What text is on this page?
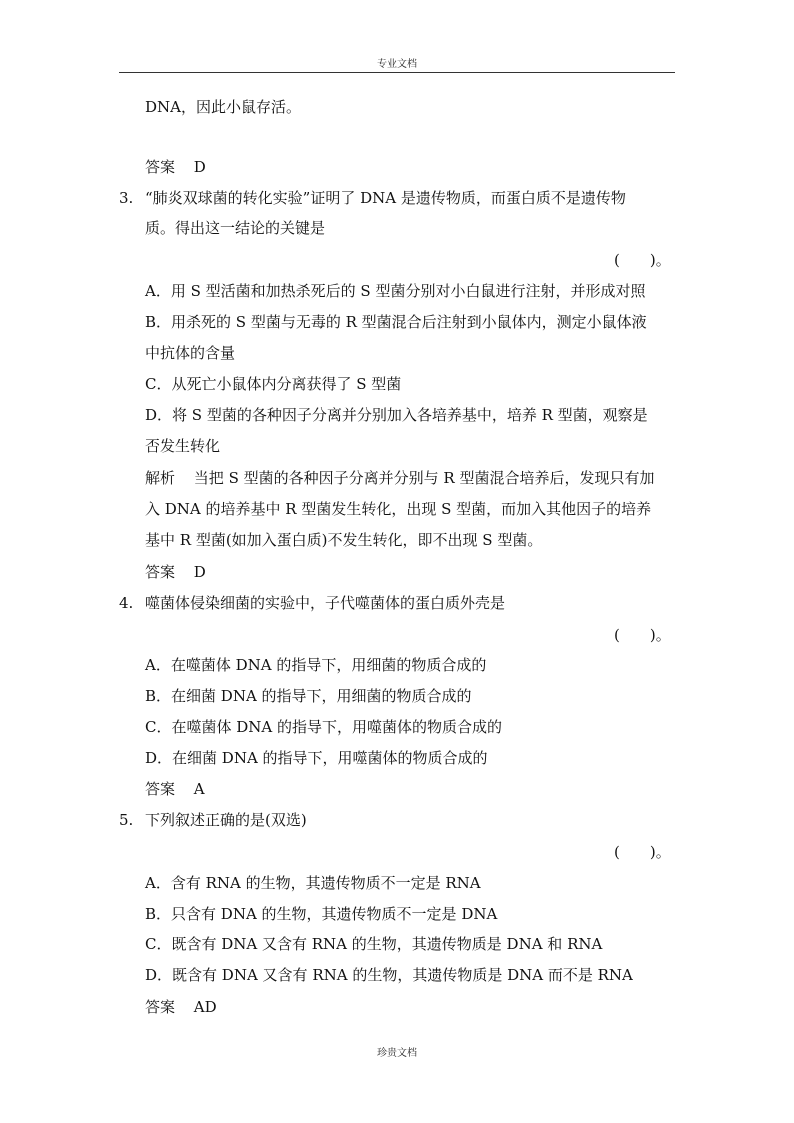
专业文档
DNA，因此小鼠存活。
答案 D
3. “肺炎双球菌的转化实验”证明了 DNA 是遗传物质，而蛋白质不是遗传物
质。得出这一结论的关键是
(　　)。
A．用 S 型活菌和加热杀死后的 S 型菌分别对小白鼠进行注射，并形成对照
B．用杀死的 S 型菌与无毒的 R 型菌混合后注射到小鼠体内，测定小鼠体液
中抗体的含量
C．从死亡小鼠体内分离获得了 S 型菌
D．将 S 型菌的各种因子分离并分别加入各培养基中，培养 R 型菌，观察是
否发生转化
解析 当把 S 型菌的各种因子分离并分别与 R 型菌混合培养后，发现只有加
入 DNA 的培养基中 R 型菌发生转化，出现 S 型菌，而加入其他因子的培养
基中 R 型菌(如加入蛋白质)不发生转化，即不出现 S 型菌。
答案 D
4. 噬菌体侵染细菌的实验中，子代噬菌体的蛋白质外壳是
(　　)。
A．在噬菌体 DNA 的指导下，用细菌的物质合成的
B．在细菌 DNA 的指导下，用细菌的物质合成的
C．在噬菌体 DNA 的指导下，用噬菌体的物质合成的
D．在细菌 DNA 的指导下，用噬菌体的物质合成的
答案 A
5. 下列叙述正确的是(双选)
(　　)。
A．含有 RNA 的生物，其遗传物质不一定是 RNA
B．只含有 DNA 的生物，其遗传物质不一定是 DNA
C．既含有 DNA 又含有 RNA 的生物，其遗传物质是 DNA 和 RNA
D．既含有 DNA 又含有 RNA 的生物，其遗传物质是 DNA 而不是 RNA
答案 AD
珍贵文档
